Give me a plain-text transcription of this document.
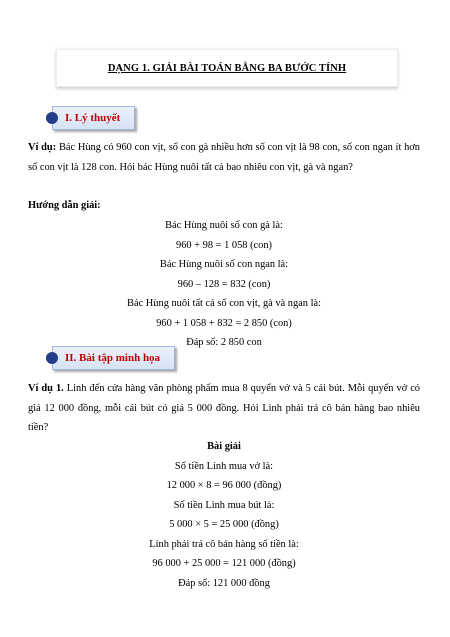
DẠNG 1. GIẢI BÀI TOÁN BẰNG BA BƯỚC TÍNH
I. Lý thuyết
Ví dụ: Bác Hùng có 960 con vịt, số con gà nhiều hơn số con vịt là 98 con, số con ngan ít hơn số con vịt là 128 con. Hỏi bác Hùng nuôi tất cả bao nhiêu con vịt, gà và ngan?
Hướng dẫn giải:
Bác Hùng nuôi số con gà là:
960 + 98 = 1 058 (con)
Bác Hùng nuôi số con ngan là:
960 – 128 = 832 (con)
Bác Hùng nuôi tất cả số con vịt, gà và ngan là:
960 + 1 058 + 832 = 2 850 (con)
Đáp số: 2 850 con
II. Bài tập minh họa
Ví dụ 1. Linh đến cửa hàng văn phòng phẩm mua 8 quyển vở và 5 cái bút. Mỗi quyển vở có giá 12 000 đồng, mỗi cái bút có giá 5 000 đồng. Hỏi Linh phải trả cô bán hàng bao nhiêu tiền?
Bài giải
Số tiền Linh mua vở là:
12 000 × 8 = 96 000 (đồng)
Số tiền Linh mua bút là:
5 000 × 5 = 25 000 (đồng)
Linh phải trả cô bán hàng số tiền là:
96 000 + 25 000 = 121 000 (đồng)
Đáp số: 121 000 đồng
